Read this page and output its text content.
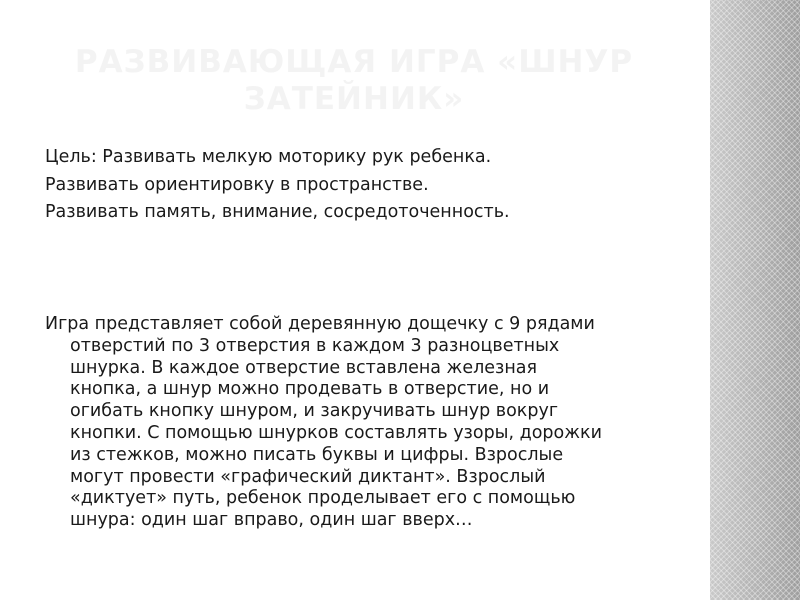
РАЗВИВАЮЩАЯ ИГРА «ШНУР
ЗАТЕЙНИК»
Цель: Развивать мелкую моторику рук ребенка.
Развивать ориентировку в пространстве.
Развивать память, внимание, сосредоточенность.
Игра представляет собой деревянную дощечку с 9 рядами
отверстий по 3 отверстия в каждом 3 разноцветных
шнурка. В каждое отверстие вставлена железная
кнопка, а шнур можно продевать в отверстие, но и
огибать кнопку шнуром, и закручивать шнур вокруг
кнопки. С помощью шнурков составлять узоры, дорожки
из стежков, можно писать буквы и цифры. Взрослые
могут провести «графический диктант». Взрослый
«диктует» путь, ребенок проделывает его с помощью
шнура: один шаг вправо, один шаг вверх…
